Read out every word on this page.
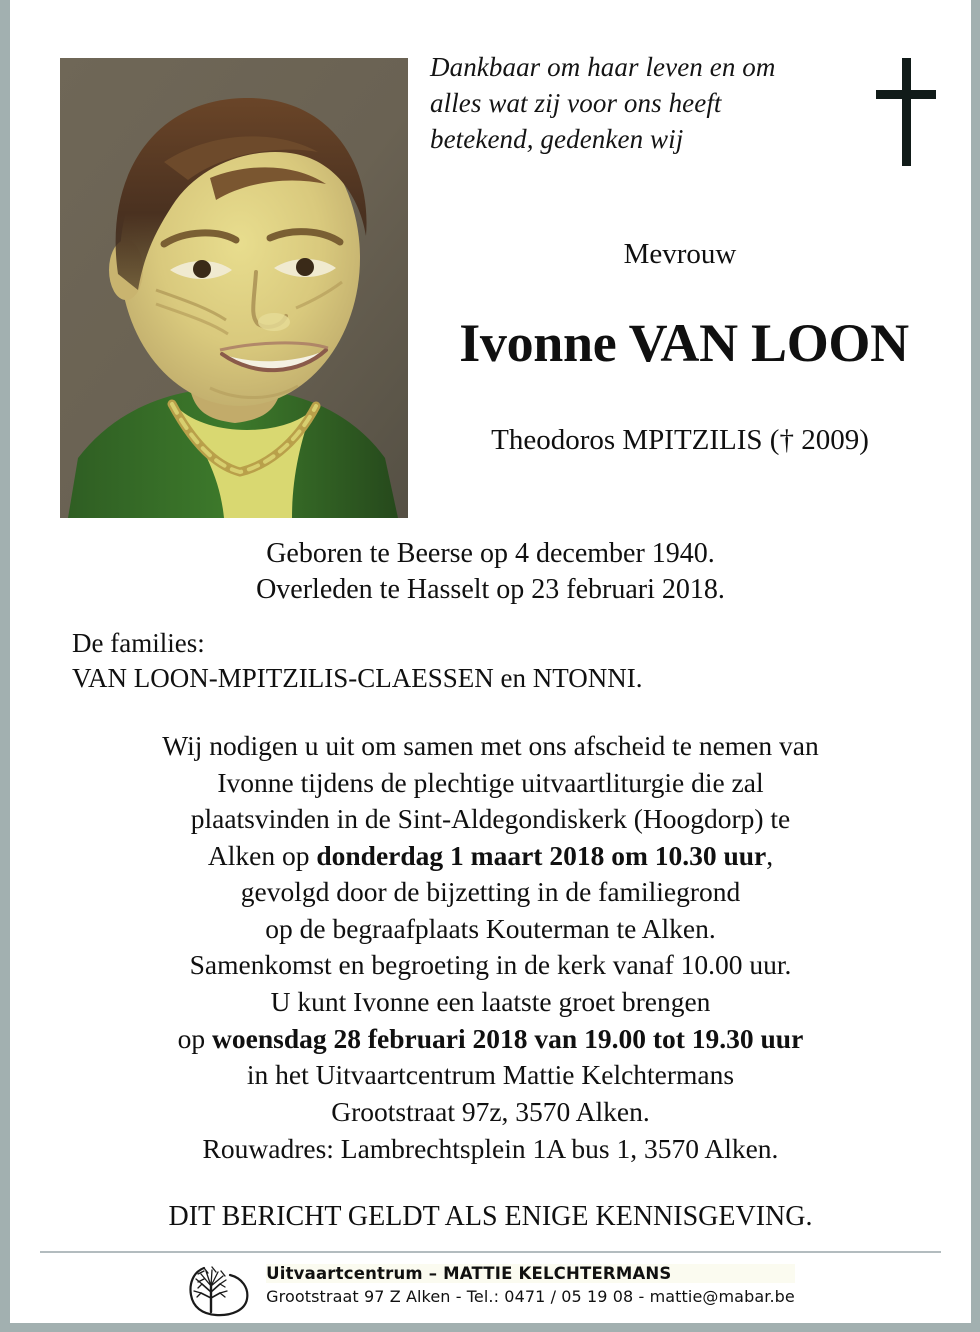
Dankbaar om haar leven en om
alles wat zij voor ons heeft
betekend, gedenken wij
Mevrouw
Ivonne VAN LOON
Theodoros MPITZILIS († 2009)
Geboren te Beerse op 4 december 1940.
Overleden te Hasselt op 23 februari 2018.
De families:
VAN LOON-MPITZILIS-CLAESSEN en NTONNI.
Wij nodigen u uit om samen met ons afscheid te nemen van
Ivonne tijdens de plechtige uitvaartliturgie die zal
plaatsvinden in de Sint-Aldegondiskerk (Hoogdorp) te
Alken op donderdag 1 maart 2018 om 10.30 uur,
gevolgd door de bijzetting in de familiegrond
op de begraafplaats Kouterman te Alken.
Samenkomst en begroeting in de kerk vanaf 10.00 uur.
U kunt Ivonne een laatste groet brengen
op woensdag 28 februari 2018 van 19.00 tot 19.30 uur
in het Uitvaartcentrum Mattie Kelchtermans
Grootstraat 97z, 3570 Alken.
Rouwadres: Lambrechtsplein 1A bus 1, 3570 Alken.
DIT BERICHT GELDT ALS ENIGE KENNISGEVING.
Uitvaartcentrum – MATTIE KELCHTERMANS
Grootstraat 97 Z Alken - Tel.: 0471 / 05 19 08 - mattie@mabar.be
